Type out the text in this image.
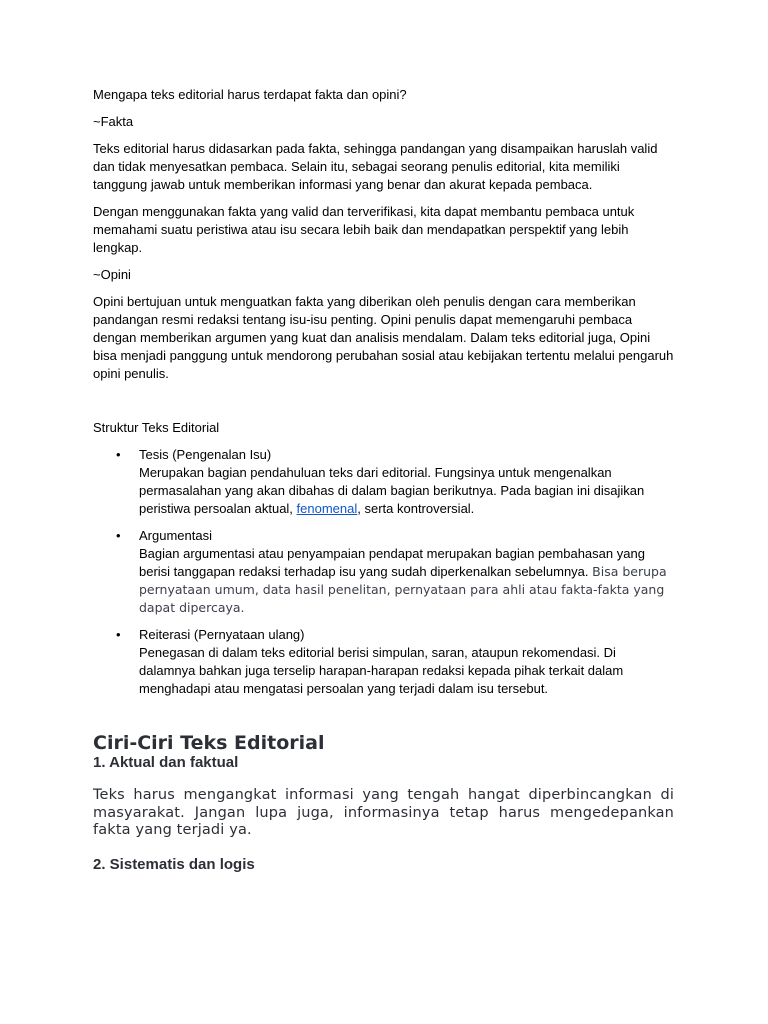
Mengapa teks editorial harus terdapat fakta dan opini?

~Fakta

Teks editorial harus didasarkan pada fakta, sehingga pandangan yang disampaikan haruslah valid dan tidak menyesatkan pembaca. Selain itu, sebagai seorang penulis editorial, kita memiliki tanggung jawab untuk memberikan informasi yang benar dan akurat kepada pembaca.

Dengan menggunakan fakta yang valid dan terverifikasi, kita dapat membantu pembaca untuk memahami suatu peristiwa atau isu secara lebih baik dan mendapatkan perspektif yang lebih lengkap.

~Opini

Opini bertujuan untuk menguatkan fakta yang diberikan oleh penulis dengan cara memberikan pandangan resmi redaksi tentang isu-isu penting. Opini penulis dapat memengaruhi pembaca dengan memberikan argumen yang kuat dan analisis mendalam. Dalam teks editorial juga, Opini bisa menjadi panggung untuk mendorong perubahan sosial atau kebijakan tertentu melalui pengaruh opini penulis.

Struktur Teks Editorial

• Tesis (Pengenalan Isu)
Merupakan bagian pendahuluan teks dari editorial. Fungsinya untuk mengenalkan permasalahan yang akan dibahas di dalam bagian berikutnya. Pada bagian ini disajikan peristiwa persoalan aktual, fenomenal, serta kontroversial.
• Argumentasi
Bagian argumentasi atau penyampaian pendapat merupakan bagian pembahasan yang berisi tanggapan redaksi terhadap isu yang sudah diperkenalkan sebelumnya. Bisa berupa pernyataan umum, data hasil penelitan, pernyataan para ahli atau fakta-fakta yang dapat dipercaya.
• Reiterasi (Pernyataan ulang)
Penegasan di dalam teks editorial berisi simpulan, saran, ataupun rekomendasi. Di dalamnya bahkan juga terselip harapan-harapan redaksi kepada pihak terkait dalam menghadapi atau mengatasi persoalan yang terjadi dalam isu tersebut.
Ciri-Ciri Teks Editorial
1. Aktual dan faktual

Teks harus mengangkat informasi yang tengah hangat diperbincangkan di masyarakat. Jangan lupa juga, informasinya tetap harus mengedepankan fakta yang terjadi ya.

2. Sistematis dan logis
